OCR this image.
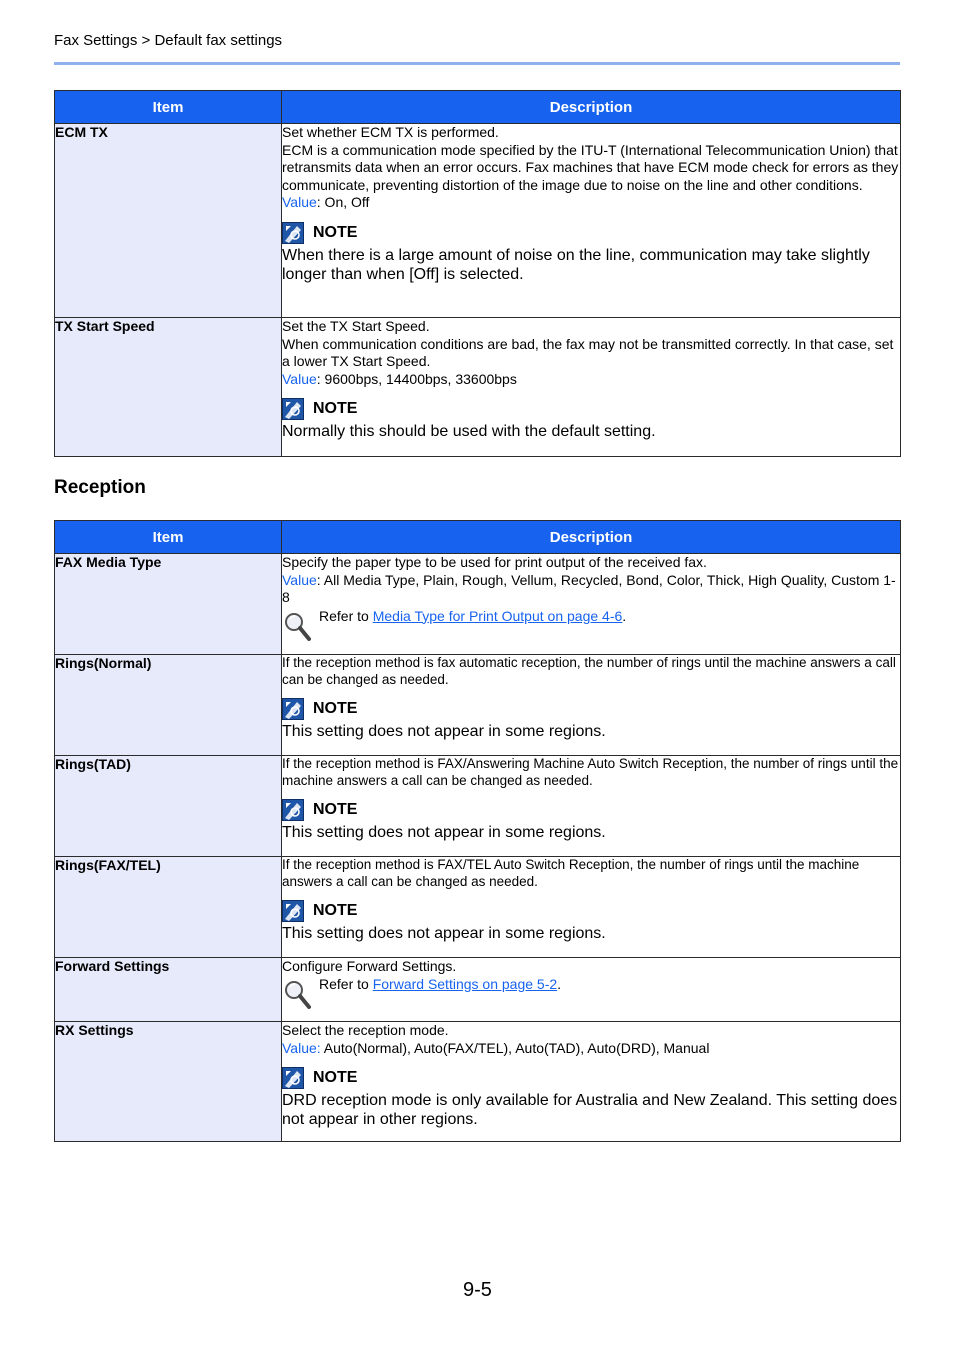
Fax Settings > Default fax settings
Item	Description
ECM TX	Set whether ECM TX is performed.
ECM is a communication mode specified by the ITU-T (International Telecommunication Union) that retransmits data when an error occurs. Fax machines that have ECM mode check for errors as they communicate, preventing distortion of the image due to noise on the line and other conditions.
Value: On, Off
NOTE
When there is a large amount of noise on the line, communication may take slightly longer than when [Off] is selected.

TX Start Speed	Set the TX Start Speed.
When communication conditions are bad, the fax may not be transmitted correctly. In that case, set a lower TX Start Speed.
Value: 9600bps, 14400bps, 33600bps
NOTE
Normally this should be used with the default setting.
Reception
Item	Description
FAX Media Type	Specify the paper type to be used for print output of the received fax.
Value: All Media Type, Plain, Rough, Vellum, Recycled, Bond, Color, Thick, High Quality, Custom 1-8
Refer to Media Type for Print Output on page 4-6.

Rings(Normal)	If the reception method is fax automatic reception, the number of rings until the machine answers a call can be changed as needed.
NOTE
This setting does not appear in some regions.

Rings(TAD)	If the reception method is FAX/Answering Machine Auto Switch Reception, the number of rings until the machine answers a call can be changed as needed.
NOTE
This setting does not appear in some regions.

Rings(FAX/TEL)	If the reception method is FAX/TEL Auto Switch Reception, the number of rings until the machine answers a call can be changed as needed.
NOTE
This setting does not appear in some regions.

Forward Settings	Configure Forward Settings.
Refer to Forward Settings on page 5-2.

RX Settings	Select the reception mode.
Value: Auto(Normal), Auto(FAX/TEL), Auto(TAD), Auto(DRD), Manual
NOTE
DRD reception mode is only available for Australia and New Zealand. This setting does not appear in other regions.
9-5
